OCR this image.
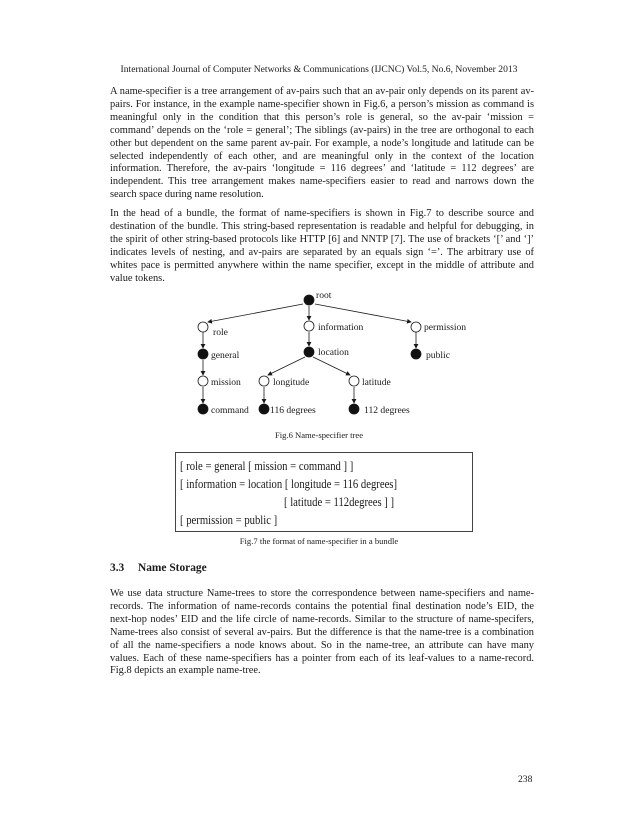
International Journal of Computer Networks & Communications (IJCNC) Vol.5, No.6, November 2013

A name-specifier is a tree arrangement of av-pairs such that an av-pair only depends on its parent av-pairs. For instance, in the example name-specifier shown in Fig.6, a person’s mission as command is meaningful only in the condition that this person’s role is general, so the av-pair ‘mission = command’ depends on the ‘role = general’; The siblings (av-pairs) in the tree are orthogonal to each other but dependent on the same parent av-pair. For example, a node’s longitude and latitude can be selected independently of each other, and are meaningful only in the context of the location information. Therefore, the av-pairs ‘longitude = 116 degrees’ and ‘latitude = 112 degrees’ are independent. This tree arrangement makes name-specifiers easier to read and narrows down the search space during name resolution.

In the head of a bundle, the format of name-specifiers is shown in Fig.7 to describe source and destination of the bundle. This string-based representation is readable and helpful for debugging, in the spirit of other string-based protocols like HTTP [6] and NNTP [7]. The use of brackets ‘[’ and ‘]’ indicates levels of nesting, and av-pairs are separated by an equals sign ‘=’. The arbitrary use of whites pace is permitted anywhere within the name specifier, except in the middle of attribute and value tokens.

root
role
general
mission
command
information
location
longitude
116 degrees
latitude
112 degrees
permission
public
Fig.6 Name-specifier tree
[ role = general [ mission = command ] ]
[ information = location [ longitude = 116 degrees]
[ latitude = 112degrees ] ]
[ permission = public ]
Fig.7 the format of name-specifier in a bundle
3.3 Name Storage

We use data structure Name-trees to store the correspondence between name-specifiers and name-records. The information of name-records contains the potential final destination node’s EID, the next-hop nodes’ EID and the life circle of name-records. Similar to the structure of name-specifers, Name-trees also consist of several av-pairs. But the difference is that the name-tree is a combination of all the name-specifiers a node knows about. So in the name-tree, an attribute can have many values. Each of these name-specifiers has a pointer from each of its leaf-values to a name-record. Fig.8 depicts an example name-tree.

238
